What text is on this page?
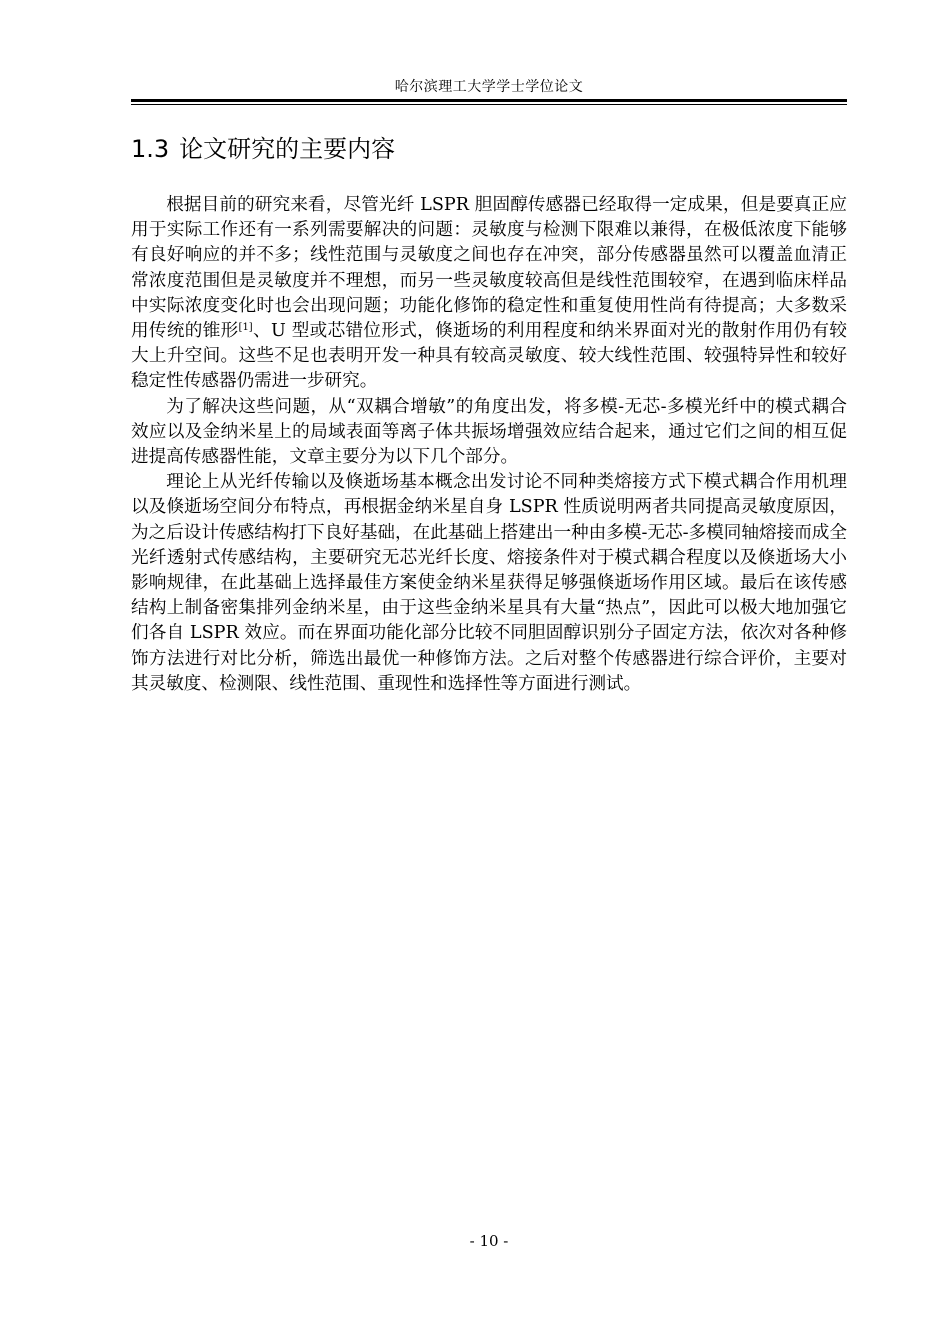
哈尔滨理工大学学士学位论文
1.3 论文研究的主要内容

根据目前的研究来看，尽管光纤 LSPR 胆固醇传感器已经取得一定成果，但是要真正应用于实际工作还有一系列需要解决的问题：灵敏度与检测下限难以兼得，在极低浓度下能够有良好响应的并不多；线性范围与灵敏度之间也存在冲突，部分传感器虽然可以覆盖血清正常浓度范围但是灵敏度并不理想，而另一些灵敏度较高但是线性范围较窄，在遇到临床样品中实际浓度变化时也会出现问题；功能化修饰的稳定性和重复使用性尚有待提高；大多数采用传统的锥形[1]、U 型或芯错位形式，倏逝场的利用程度和纳米界面对光的散射作用仍有较大上升空间。这些不足也表明开发一种具有较高灵敏度、较大线性范围、较强特异性和较好稳定性传感器仍需进一步研究。

为了解决这些问题，从“双耦合增敏”的角度出发，将多模-无芯-多模光纤中的模式耦合效应以及金纳米星上的局域表面等离子体共振场增强效应结合起来，通过它们之间的相互促进提高传感器性能，文章主要分为以下几个部分。

理论上从光纤传输以及倏逝场基本概念出发讨论不同种类熔接方式下模式耦合作用机理以及倏逝场空间分布特点，再根据金纳米星自身 LSPR 性质说明两者共同提高灵敏度原因，为之后设计传感结构打下良好基础，在此基础上搭建出一种由多模-无芯-多模同轴熔接而成全光纤透射式传感结构，主要研究无芯光纤长度、熔接条件对于模式耦合程度以及倏逝场大小影响规律，在此基础上选择最佳方案使金纳米星获得足够强倏逝场作用区域。最后在该传感结构上制备密集排列金纳米星，由于这些金纳米星具有大量“热点”，因此可以极大地加强它们各自 LSPR 效应。而在界面功能化部分比较不同胆固醇识别分子固定方法，依次对各种修饰方法进行对比分析，筛选出最优一种修饰方法。之后对整个传感器进行综合评价，主要对其灵敏度、检测限、线性范围、重现性和选择性等方面进行测试。

- 10 -
